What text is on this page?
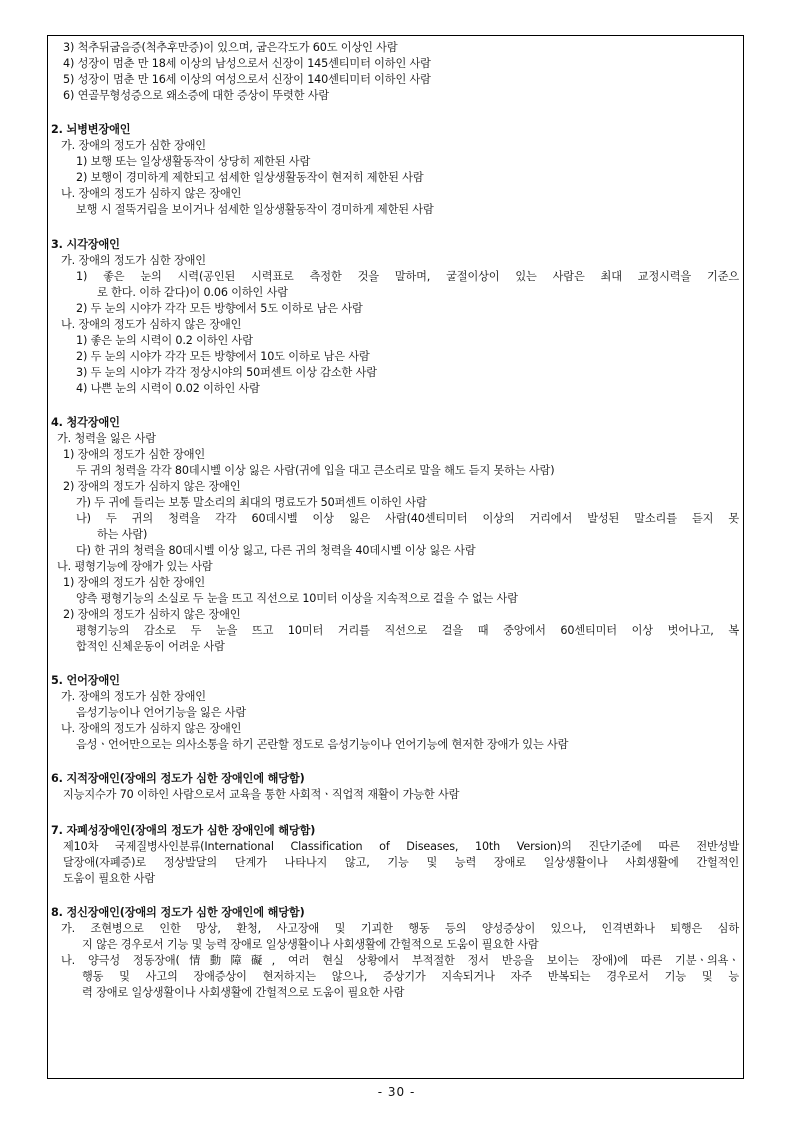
3) 척추뒤굽음증(척추후만증)이 있으며, 굽은각도가 60도 이상인 사람
4) 성장이 멈춘 만 18세 이상의 남성으로서 신장이 145센티미터 이하인 사람
5) 성장이 멈춘 만 16세 이상의 여성으로서 신장이 140센티미터 이하인 사람
6) 연골무형성증으로 왜소증에 대한 증상이 뚜렷한 사람
2. 뇌병변장애인
가. 장애의 정도가 심한 장애인
1) 보행 또는 일상생활동작이 상당히 제한된 사람
2) 보행이 경미하게 제한되고 섬세한 일상생활동작이 현저히 제한된 사람
나. 장애의 정도가 심하지 않은 장애인
보행 시 절뚝거림을 보이거나 섬세한 일상생활동작이 경미하게 제한된 사람
3. 시각장애인
가. 장애의 정도가 심한 장애인
1) 좋은 눈의 시력(공인된 시력표로 측정한 것을 말하며, 굴절이상이 있는 사람은 최대 교정시력을 기준으
로 한다. 이하 같다)이 0.06 이하인 사람
2) 두 눈의 시야가 각각 모든 방향에서 5도 이하로 남은 사람
나. 장애의 정도가 심하지 않은 장애인
1) 좋은 눈의 시력이 0.2 이하인 사람
2) 두 눈의 시야가 각각 모든 방향에서 10도 이하로 남은 사람
3) 두 눈의 시야가 각각 정상시야의 50퍼센트 이상 감소한 사람
4) 나쁜 눈의 시력이 0.02 이하인 사람
4. 청각장애인
가. 청력을 잃은 사람
1) 장애의 정도가 심한 장애인
두 귀의 청력을 각각 80데시벨 이상 잃은 사람(귀에 입을 대고 큰소리로 말을 해도 듣지 못하는 사람)
2) 장애의 정도가 심하지 않은 장애인
가) 두 귀에 들리는 보통 말소리의 최대의 명료도가 50퍼센트 이하인 사람
나) 두 귀의 청력을 각각 60데시벨 이상 잃은 사람(40센티미터 이상의 거리에서 발성된 말소리를 듣지 못
하는 사람)
다) 한 귀의 청력을 80데시벨 이상 잃고, 다른 귀의 청력을 40데시벨 이상 잃은 사람
나. 평형기능에 장애가 있는 사람
1) 장애의 정도가 심한 장애인
양측 평형기능의 소실로 두 눈을 뜨고 직선으로 10미터 이상을 지속적으로 걸을 수 없는 사람
2) 장애의 정도가 심하지 않은 장애인
평형기능의 감소로 두 눈을 뜨고 10미터 거리를 직선으로 걸을 때 중앙에서 60센티미터 이상 벗어나고, 복
합적인 신체운동이 어려운 사람
5. 언어장애인
가. 장애의 정도가 심한 장애인
음성기능이나 언어기능을 잃은 사람
나. 장애의 정도가 심하지 않은 장애인
음성ㆍ언어만으로는 의사소통을 하기 곤란할 정도로 음성기능이나 언어기능에 현저한 장애가 있는 사람
6. 지적장애인(장애의 정도가 심한 장애인에 해당함)
지능지수가 70 이하인 사람으로서 교육을 통한 사회적ㆍ직업적 재활이 가능한 사람
7. 자폐성장애인(장애의 정도가 심한 장애인에 해당함)
제10차 국제질병사인분류(International Classification of Diseases, 10th Version)의 진단기준에 따른 전반성발
달장애(자폐증)로 정상발달의 단계가 나타나지 않고, 기능 및 능력 장애로 일상생활이나 사회생활에 간헐적인
도움이 필요한 사람
8. 정신장애인(장애의 정도가 심한 장애인에 해당함)
가. 조현병으로 인한 망상, 환청, 사고장애 및 기괴한 행동 등의 양성증상이 있으나, 인격변화나 퇴행은 심하
지 않은 경우로서 기능 및 능력 장애로 일상생활이나 사회생활에 간헐적으로 도움이 필요한 사람
나. 양극성 정동장애(情動障礙, 여러 현실 상황에서 부적절한 정서 반응을 보이는 장애)에 따른 기분ㆍ의욕ㆍ
행동 및 사고의 장애증상이 현저하지는 않으나, 증상기가 지속되거나 자주 반복되는 경우로서 기능 및 능
력 장애로 일상생활이나 사회생활에 간헐적으로 도움이 필요한 사람
- 30 -
